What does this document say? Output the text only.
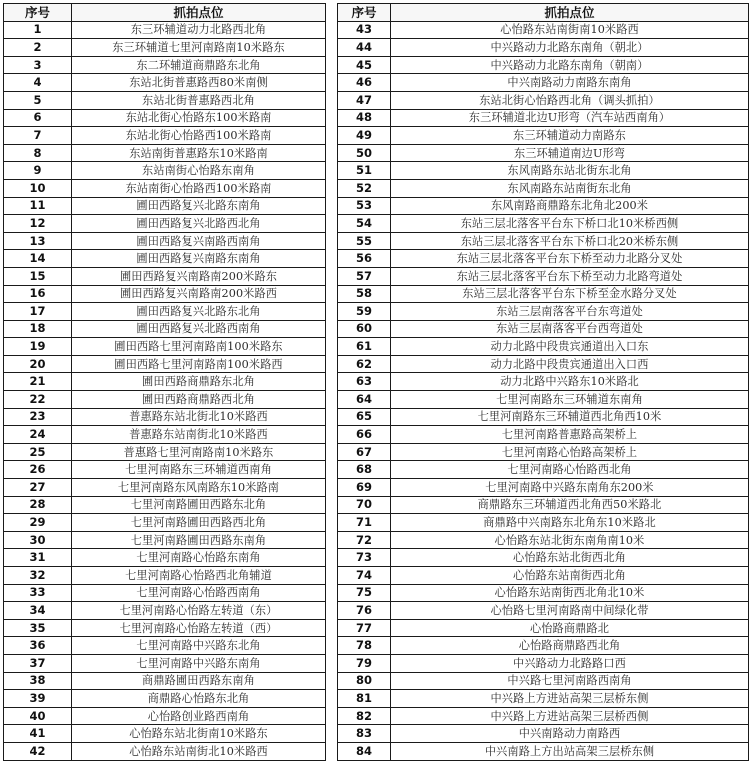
序号	抓拍点位
1	东三环辅道动力北路西北角
2	东三环辅道七里河南路南10米路东
3	东二环辅道商鼎路东北角
4	东站北街普惠路西80米南侧
5	东站北街普惠路西北角
6	东站北街心怡路东100米路南
7	东站北街心怡路西100米路南
8	东站南街普惠路东10米路南
9	东站南街心怡路东南角
10	东站南街心怡路西100米路南
11	圃田西路复兴北路东南角
12	圃田西路复兴北路西北角
13	圃田西路复兴南路西南角
14	圃田西路复兴南路东南角
15	圃田西路复兴南路南200米路东
16	圃田西路复兴南路南200米路西
17	圃田西路复兴北路东北角
18	圃田西路复兴北路西南角
19	圃田西路七里河南路南100米路东
20	圃田西路七里河南路南100米路西
21	圃田西路商鼎路东北角
22	圃田西路商鼎路西北角
23	普惠路东站北街北10米路西
24	普惠路东站南街北10米路西
25	普惠路七里河南路南10米路东
26	七里河南路东三环辅道西南角
27	七里河南路东风南路东10米路南
28	七里河南路圃田西路东北角
29	七里河南路圃田西路西北角
30	七里河南路圃田西路东南角
31	七里河南路心怡路东南角
32	七里河南路心怡路西北角辅道
33	七里河南路心怡路西南角
34	七里河南路心怡路左转道（东）
35	七里河南路心怡路左转道（西）
36	七里河南路中兴路东北角
37	七里河南路中兴路东南角
38	商鼎路圃田西路东南角
39	商鼎路心怡路东北角
40	心怡路创业路西南角
41	心怡路东站北街南10米路东
42	心怡路东站南街北10米路西
序号	抓拍点位
43	心怡路东站南街南10米路西
44	中兴路动力北路东南角（朝北）
45	中兴路动力北路东南角（朝南）
46	中兴南路动力南路东南角
47	东站北街心怡路西北角（调头抓拍）
48	东三环辅道北边U形弯（汽车站西南角）
49	东三环辅道动力南路东
50	东三环辅道南边U形弯
51	东风南路东站北街东北角
52	东风南路东站南街东北角
53	东风南路商鼎路东北角北200米
54	东站三层北落客平台东下桥口北10米桥西侧
55	东站三层北落客平台东下桥口北20米桥东侧
56	东站三层北落客平台东下桥至动力北路分叉处
57	东站三层北落客平台东下桥至动力北路弯道处
58	东站三层北落客平台东下桥至金水路分叉处
59	东站三层南落客平台东弯道处
60	东站三层南落客平台西弯道处
61	动力北路中段贵宾通道出入口东
62	动力北路中段贵宾通道出入口西
63	动力北路中兴路东10米路北
64	七里河南路东三环辅道东南角
65	七里河南路东三环辅道西北角西10米
66	七里河南路普惠路高架桥上
67	七里河南路心怡路高架桥上
68	七里河南路心怡路西北角
69	七里河南路中兴路东南角东200米
70	商鼎路东三环辅道西北角西50米路北
71	商鼎路中兴南路东北角东10米路北
72	心怡路东站北街东南角南10米
73	心怡路东站北街西北角
74	心怡路东站南街西北角
75	心怡路东站南街西北角北10米
76	心怡路七里河南路南中间绿化带
77	心怡路商鼎路北
78	心怡路商鼎路西北角
79	中兴路动力北路路口西
80	中兴路七里河南路西南角
81	中兴路上方进站高架三层桥东侧
82	中兴路上方进站高架三层桥西侧
83	中兴南路动力南路西
84	中兴南路上方出站高架三层桥东侧
